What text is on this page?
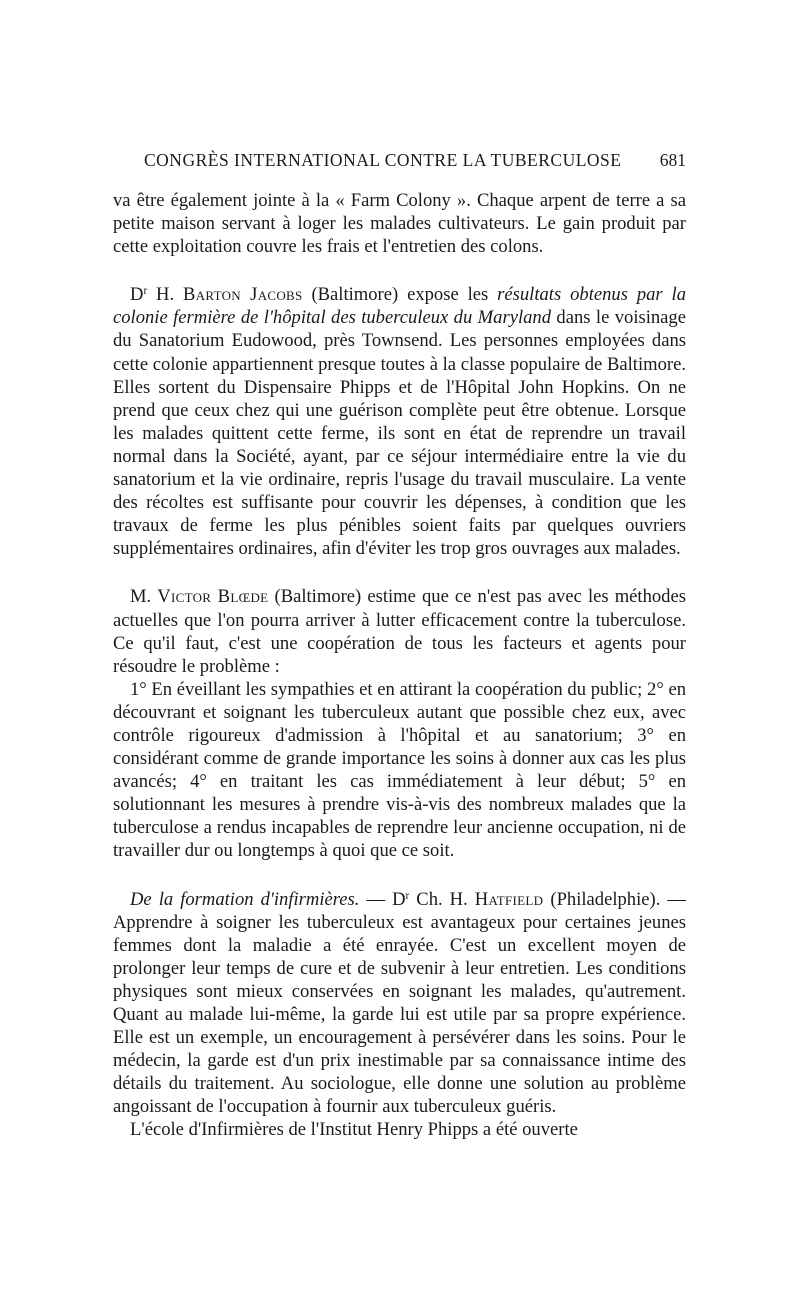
CONGRÈS INTERNATIONAL CONTRE LA TUBERCULOSE 681

va être également jointe à la « Farm Colony ». Chaque arpent de terre a sa petite maison servant à loger les malades cultivateurs. Le gain produit par cette exploitation couvre les frais et l'entretien des colons.

$D^r$ H. Barton Jacobs (Baltimore) expose les résultats obtenus par la colonie fermière de l'hôpital des tuberculeux du Maryland dans le voisinage du Sanatorium Eudowood, près Townsend. Les personnes employées dans cette colonie appartiennent presque toutes à la classe populaire de Baltimore. Elles sortent du Dispensaire Phipps et de l'Hôpital John Hopkins. On ne prend que ceux chez qui une guérison complète peut être obtenue. Lorsque les malades quittent cette ferme, ils sont en état de reprendre un travail normal dans la Société, ayant, par ce séjour intermédiaire entre la vie du sanatorium et la vie ordinaire, repris l'usage du travail musculaire. La vente des récoltes est suffisante pour couvrir les dépenses, à condition que les travaux de ferme les plus pénibles soient faits par quelques ouvriers supplémentaires ordinaires, afin d'éviter les trop gros ouvrages aux malades.

M. Victor Blœde (Baltimore) estime que ce n'est pas avec les méthodes actuelles que l'on pourra arriver à lutter efficacement contre la tuberculose. Ce qu'il faut, c'est une coopération de tous les facteurs et agents pour résoudre le problème :

1° En éveillant les sympathies et en attirant la coopération du public; 2° en découvrant et soignant les tuberculeux autant que possible chez eux, avec contrôle rigoureux d'admission à l'hôpital et au sanatorium; 3° en considérant comme de grande importance les soins à donner aux cas les plus avancés; 4° en traitant les cas immédiatement à leur début; 5° en solutionnant les mesures à prendre vis-à-vis des nombreux malades que la tuberculose a rendus incapables de reprendre leur ancienne occupation, ni de travailler dur ou longtemps à quoi que ce soit.

De la formation d'infirmières. — $D^r$ Ch. H. Hatfield (Philadelphie). — Apprendre à soigner les tuberculeux est avantageux pour certaines jeunes femmes dont la maladie a été enrayée. C'est un excellent moyen de prolonger leur temps de cure et de subvenir à leur entretien. Les conditions physiques sont mieux conservées en soignant les malades, qu'autrement. Quant au malade lui-même, la garde lui est utile par sa propre expérience. Elle est un exemple, un encouragement à persévérer dans les soins. Pour le médecin, la garde est d'un prix inestimable par sa connaissance intime des détails du traitement. Au sociologue, elle donne une solution au problème angoissant de l'occupation à fournir aux tuberculeux guéris.

L'école d'Infirmières de l'Institut Henry Phipps a été ouverte
